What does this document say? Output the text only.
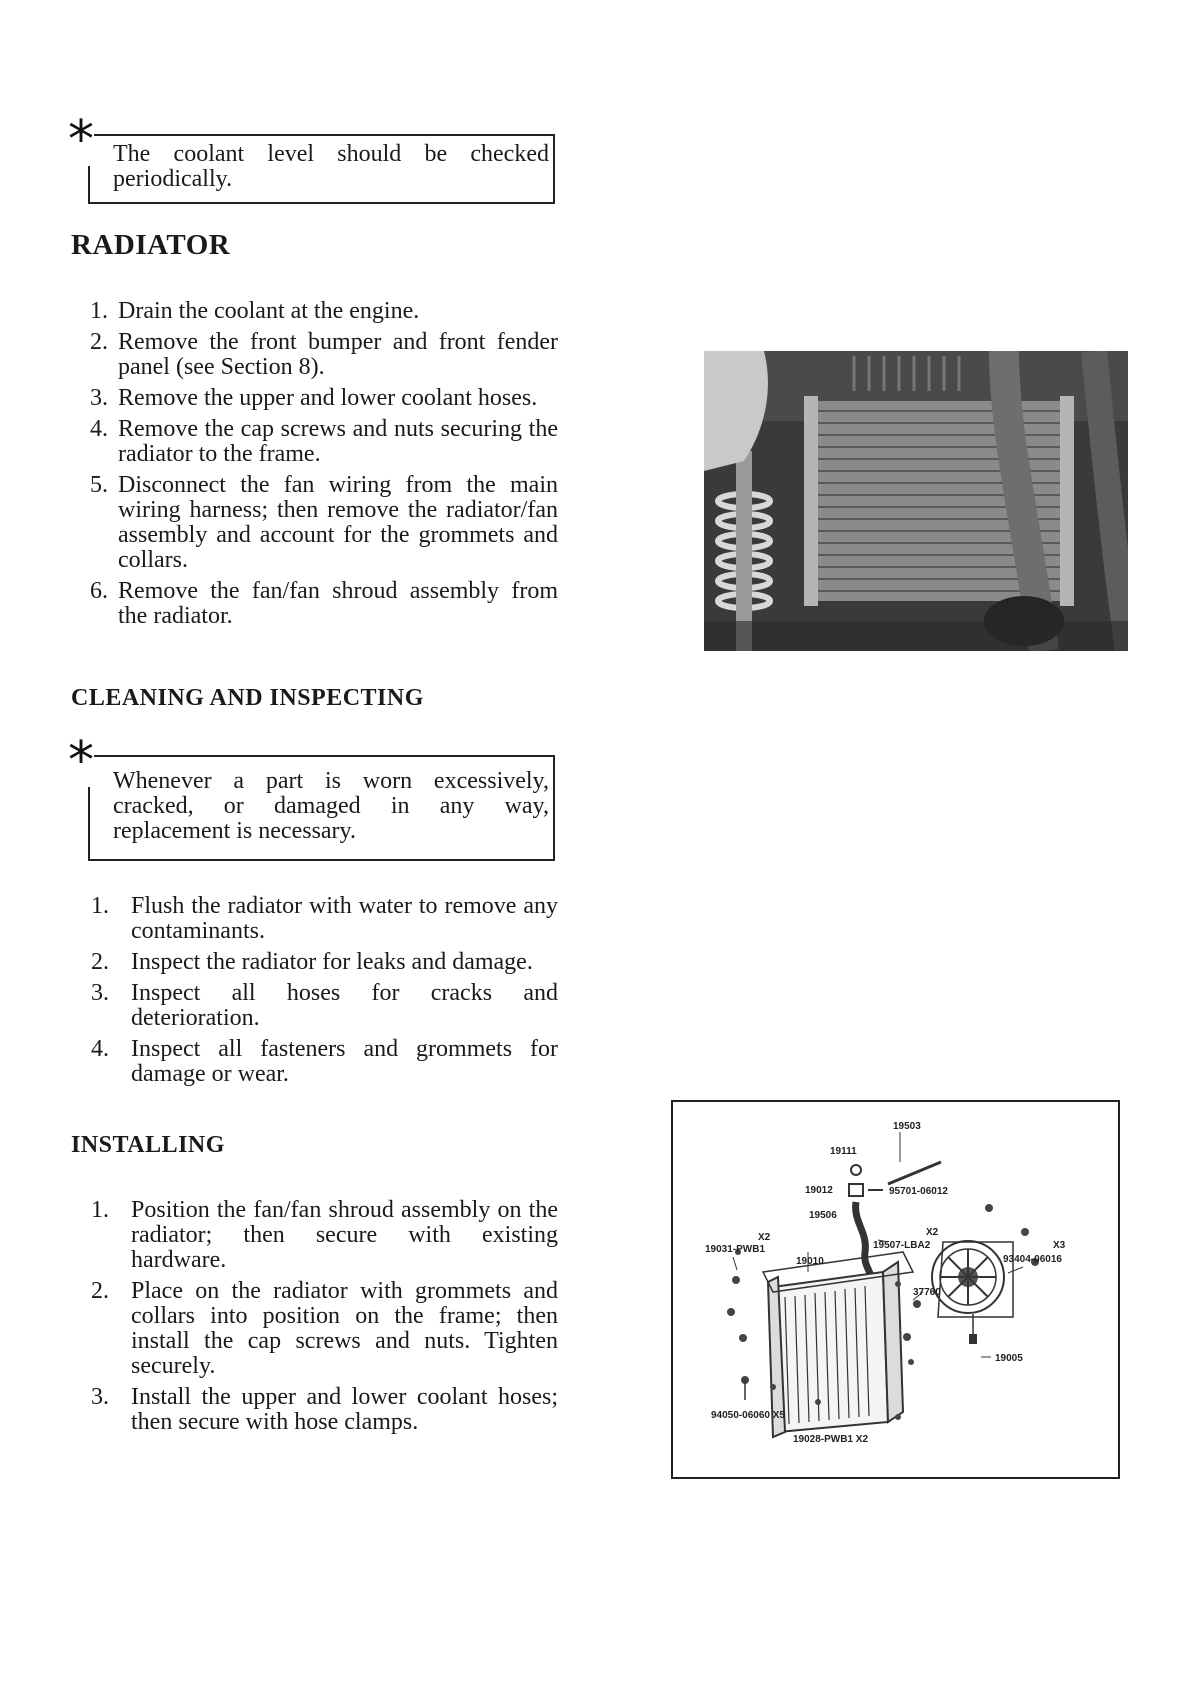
* The coolant level should be checked periodically.
RADIATOR
1. Drain the coolant at the engine.
2. Remove the front bumper and front fender panel (see Section 8).
3. Remove the upper and lower coolant hoses.
4. Remove the cap screws and nuts securing the radiator to the frame.
5. Disconnect the fan wiring from the main wiring harness; then remove the radiator/fan assembly and account for the grommets and collars.
6. Remove the fan/fan shroud assembly from the radiator.
CLEANING AND INSPECTING
* Whenever a part is worn excessively, cracked, or damaged in any way, replacement is necessary.
1. Flush the radiator with water to remove any contaminants.
2. Inspect the radiator for leaks and damage.
3. Inspect all hoses for cracks and deterioration.
4. Inspect all fasteners and grommets for damage or wear.
INSTALLING
1. Position the fan/fan shroud assembly on the radiator; then secure with existing hardware.
2. Place on the radiator with grommets and collars into position on the frame; then install the cap screws and nuts. Tighten securely.
3. Install the upper and lower coolant hoses; then secure with hose clamps.
19503
19111
19012	95701-06012
19506
X2
19031-PWB1
19010
X2
19507-LBA2	X3
93404-06016
37760
19005
94050-06060 X5
19028-PWB1 X2
